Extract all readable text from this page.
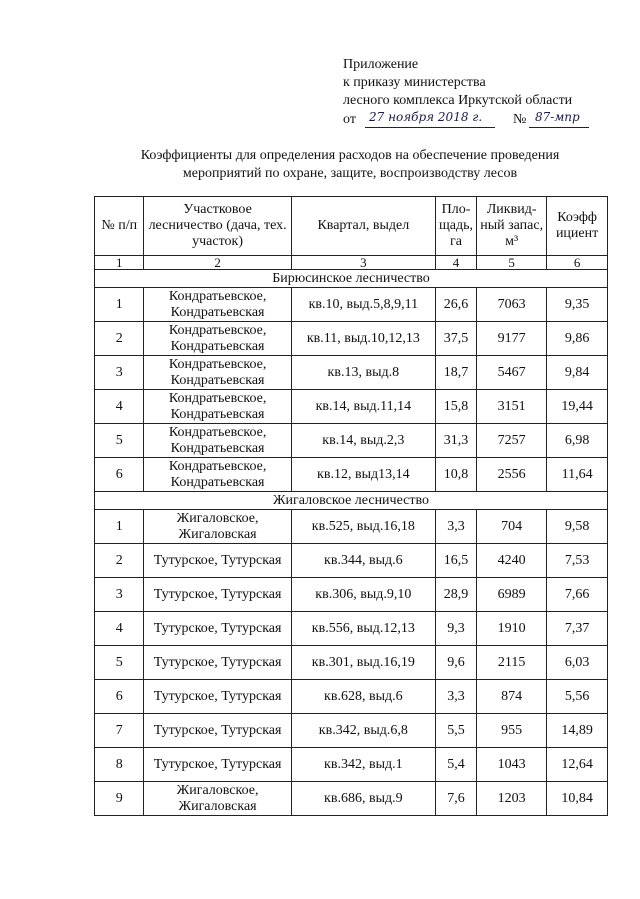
Приложение
к приказу министерства
лесного комплекса Иркутской области
от 27 ноября 2018 г. № 87-мпр
Коэффициенты для определения расходов на обеспечение проведения
мероприятий по охране, защите, воспроизводству лесов
№ п/п	Участковое лесничество (дача, тех. участок)	Квартал, выдел	Пло-щадь, га	Ликвид-ный запас, м³	Коэфф ициент
1	2	3	4	5	6
Бирюсинское лесничество					
1	Кондратьевское, Кондратьевская	кв.10, выд.5,8,9,11	26,6	7063	9,35
2	Кондратьевское, Кондратьевская	кв.11, выд.10,12,13	37,5	9177	9,86
3	Кондратьевское, Кондратьевская	кв.13, выд.8	18,7	5467	9,84
4	Кондратьевское, Кондратьевская	кв.14, выд.11,14	15,8	3151	19,44
5	Кондратьевское, Кондратьевская	кв.14, выд.2,3	31,3	7257	6,98
6	Кондратьевское, Кондратьевская	кв.12, выд13,14	10,8	2556	11,64
Жигаловское лесничество					
1	Жигаловское, Жигаловская	кв.525, выд.16,18	3,3	704	9,58
2	Тутурское, Тутурская	кв.344, выд.6	16,5	4240	7,53
3	Тутурское, Тутурская	кв.306, выд.9,10	28,9	6989	7,66
4	Тутурское, Тутурская	кв.556, выд.12,13	9,3	1910	7,37
5	Тутурское, Тутурская	кв.301, выд.16,19	9,6	2115	6,03
6	Тутурское, Тутурская	кв.628, выд.6	3,3	874	5,56
7	Тутурское, Тутурская	кв.342, выд.6,8	5,5	955	14,89
8	Тутурское, Тутурская	кв.342, выд.1	5,4	1043	12,64
9	Жигаловское, Жигаловская	кв.686, выд.9	7,6	1203	10,84
